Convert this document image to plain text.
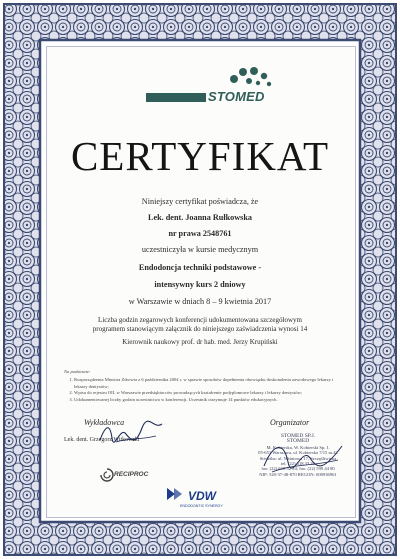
STOMED
CERTYFIKAT
Niniejszy certyfikat poświadcza, że
Lek. dent. Joanna Rułkowska
nr prawa 2548761
uczestniczyła w kursie medycznym
Endodoncja techniki podstawowe -
intensywny kurs 2 dniowy
w Warszawie w dniach 8 – 9 kwietnia 2017
Liczba godzin zegarowych konferencji udokumentowana szczegółowym
programem stanowiącym załącznik do niniejszego zaświadczenia wynosi 14
Kierownik naukowy prof. dr hab. med. Jerzy Krupiński
Na podstawie:
1. Rozporządzenia Ministra Zdrowia z 6 października 2004 r. w sprawie sposobów dopełnienia obowiązku doskonalenia zawodowego lekarzy i lekarzy dentystów;
2. Wpisu do rejestru OIL w Warszawie przedsiębiorców prowadzących kształcenie podyplomowe lekarzy i lekarzy dentystów;
3. Udokumentowanej liczby godzin uczestnictwa w konferencji, Uczestnik otrzymuje 14 punktów edukacyjnych.
Wykładowca
Lek. dent. Grzegorz Witkowski
Organizator
STOMED SP.J.
STOMED
M. Kobierska, W. Kobierski Sp. J.
05-651 Warszawa, ul. Kobierska 7/15 m.42
Siedziba: ul. Wiśniowa 17, Szczęśliwicka
tel. (22) 618 33 35
fax: (22) 618 52 34; fax: (22) 599 44 80
NIP: 520-37-48-870 REGON: 000936961
RECIPROC
VDW
ENDODONTIC SYNERGY
